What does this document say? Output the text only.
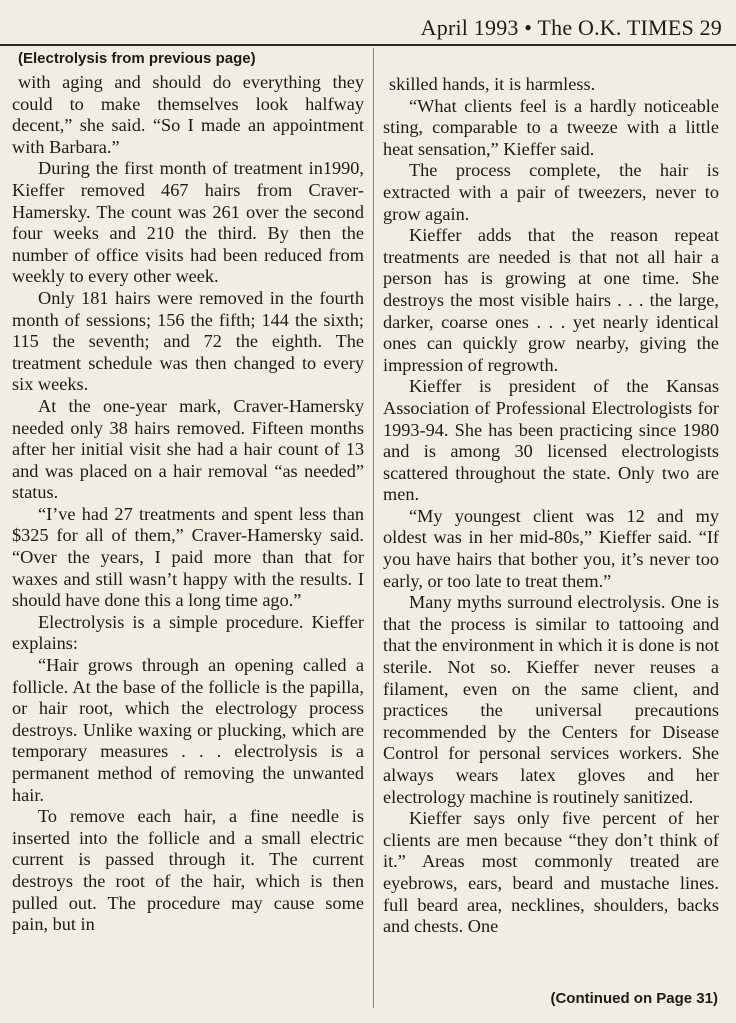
April 1993 • The O.K. TIMES 29
(Electrolysis from previous page)

with aging and should do everything they could to make themselves look halfway decent,” she said. “So I made an appointment with Barbara.”

During the first month of treatment in1990, Kieffer removed 467 hairs from Craver-Hamersky. The count was 261 over the second four weeks and 210 the third. By then the number of office visits had been reduced from weekly to every other week.

Only 181 hairs were removed in the fourth month of sessions; 156 the fifth; 144 the sixth; 115 the seventh; and 72 the eighth. The treatment schedule was then changed to every six weeks.

At the one-year mark, Craver-Hamersky needed only 38 hairs removed. Fifteen months after her initial visit she had a hair count of 13 and was placed on a hair removal “as needed” status.

“I’ve had 27 treatments and spent less than $325 for all of them,” Craver-Hamersky said. “Over the years, I paid more than that for waxes and still wasn’t happy with the results. I should have done this a long time ago.”

Electrolysis is a simple procedure. Kieffer explains:

“Hair grows through an opening called a follicle. At the base of the follicle is the papilla, or hair root, which the electrology process destroys. Unlike waxing or plucking, which are temporary measures . . . electrolysis is a permanent method of removing the unwanted hair.

To remove each hair, a fine needle is inserted into the follicle and a small electric current is passed through it. The current destroys the root of the hair, which is then pulled out. The procedure may cause some pain, but in

skilled hands, it is harmless.

“What clients feel is a hardly noticeable sting, comparable to a tweeze with a little heat sensation,” Kieffer said.

The process complete, the hair is extracted with a pair of tweezers, never to grow again.

Kieffer adds that the reason repeat treatments are needed is that not all hair a person has is growing at one time. She destroys the most visible hairs . . . the large, darker, coarse ones . . . yet nearly identical ones can quickly grow nearby, giving the impression of regrowth.

Kieffer is president of the Kansas Association of Professional Electrologists for 1993-94. She has been practicing since 1980 and is among 30 licensed electrologists scattered throughout the state. Only two are men.

“My youngest client was 12 and my oldest was in her mid-80s,” Kieffer said. “If you have hairs that bother you, it’s never too early, or too late to treat them.”

Many myths surround electrolysis. One is that the process is similar to tattooing and that the environment in which it is done is not sterile. Not so. Kieffer never reuses a filament, even on the same client, and practices the universal precautions recommended by the Centers for Disease Control for personal services workers. She always wears latex gloves and her electrology machine is routinely sanitized.

Kieffer says only five percent of her clients are men because “they don’t think of it.” Areas most commonly treated are eyebrows, ears, beard and mustache lines. full beard area, necklines, shoulders, backs and chests. One

(Continued on Page 31)
